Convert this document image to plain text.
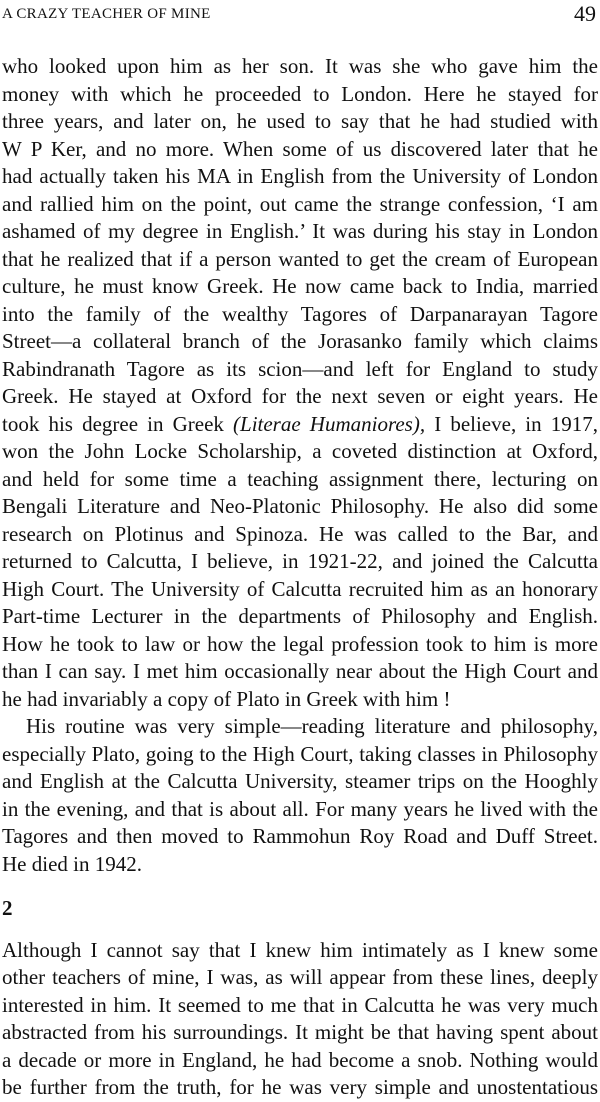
A CRAZY TEACHER OF MINE	49
who looked upon him as her son. It was she who gave him the
money with which he proceeded to London. Here he stayed for
three years, and later on, he used to say that he had studied with
W P Ker, and no more. When some of us discovered later that he
had actually taken his MA in English from the University of London
and rallied him on the point, out came the strange confession, ‘I am
ashamed of my degree in English.’ It was during his stay in London
that he realized that if a person wanted to get the cream of European
culture, he must know Greek. He now came back to India, married
into the family of the wealthy Tagores of Darpanarayan Tagore
Street—a collateral branch of the Jorasanko family which claims
Rabindranath Tagore as its scion—and left for England to study
Greek. He stayed at Oxford for the next seven or eight years. He
took his degree in Greek (Literae Humaniores), I believe, in 1917,
won the John Locke Scholarship, a coveted distinction at Oxford,
and held for some time a teaching assignment there, lecturing on
Bengali Literature and Neo-Platonic Philosophy. He also did some
research on Plotinus and Spinoza. He was called to the Bar, and
returned to Calcutta, I believe, in 1921-22, and joined the Calcutta
High Court. The University of Calcutta recruited him as an honorary
Part-time Lecturer in the departments of Philosophy and English.
How he took to law or how the legal profession took to him is more
than I can say. I met him occasionally near about the High Court and
he had invariably a copy of Plato in Greek with him !
His routine was very simple—reading literature and philosophy,
especially Plato, going to the High Court, taking classes in Philosophy
and English at the Calcutta University, steamer trips on the Hooghly
in the evening, and that is about all. For many years he lived with the
Tagores and then moved to Rammohun Roy Road and Duff Street.
He died in 1942.
2
Although I cannot say that I knew him intimately as I knew some
other teachers of mine, I was, as will appear from these lines, deeply
interested in him. It seemed to me that in Calcutta he was very much
abstracted from his surroundings. It might be that having spent about
a decade or more in England, he had become a snob. Nothing would
be further from the truth, for he was very simple and unostentatious
